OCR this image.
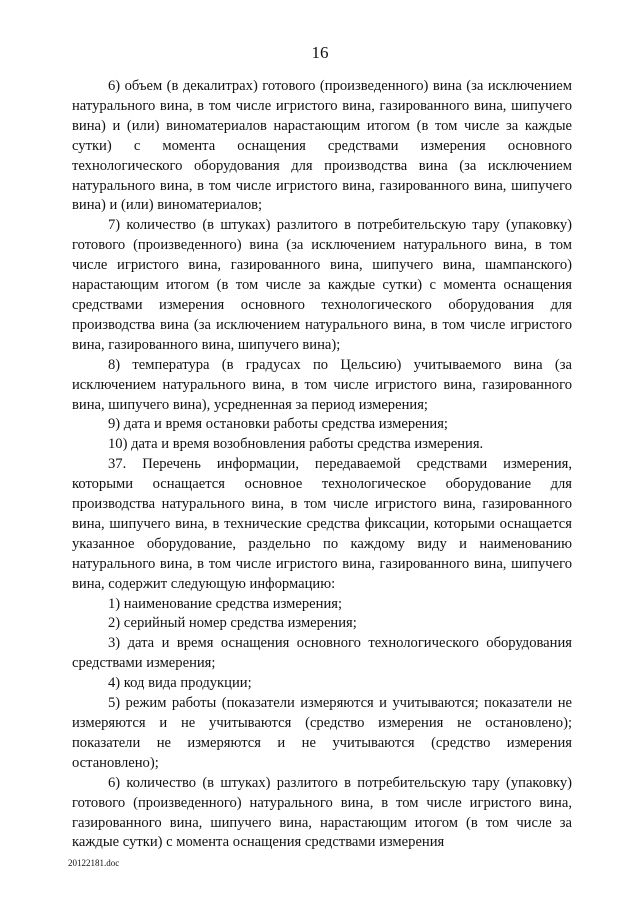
16

6) объем (в декалитрах) готового (произведенного) вина (за исключением натурального вина, в том числе игристого вина, газированного вина, шипучего вина) и (или) виноматериалов нарастающим итогом (в том числе за каждые сутки) с момента оснащения средствами измерения основного технологического оборудования для производства вина (за исключением натурального вина, в том числе игристого вина, газированного вина, шипучего вина) и (или) виноматериалов;

7) количество (в штуках) разлитого в потребительскую тару (упаковку) готового (произведенного) вина (за исключением натурального вина, в том числе игристого вина, газированного вина, шипучего вина, шампанского) нарастающим итогом (в том числе за каждые сутки) с момента оснащения средствами измерения основного технологического оборудования для производства вина (за исключением натурального вина, в том числе игристого вина, газированного вина, шипучего вина);

8) температура (в градусах по Цельсию) учитываемого вина (за исключением натурального вина, в том числе игристого вина, газированного вина, шипучего вина), усредненная за период измерения;

9) дата и время остановки работы средства измерения;

10) дата и время возобновления работы средства измерения.

37. Перечень информации, передаваемой средствами измерения, которыми оснащается основное технологическое оборудование для производства натурального вина, в том числе игристого вина, газированного вина, шипучего вина, в технические средства фиксации, которыми оснащается указанное оборудование, раздельно по каждому виду и наименованию натурального вина, в том числе игристого вина, газированного вина, шипучего вина, содержит следующую информацию:

1) наименование средства измерения;

2) серийный номер средства измерения;

3) дата и время оснащения основного технологического оборудования средствами измерения;

4) код вида продукции;

5) режим работы (показатели измеряются и учитываются; показатели не измеряются и не учитываются (средство измерения не остановлено); показатели не измеряются и не учитываются (средство измерения остановлено);

6) количество (в штуках) разлитого в потребительскую тару (упаковку) готового (произведенного) натурального вина, в том числе игристого вина, газированного вина, шипучего вина, нарастающим итогом (в том числе за каждые сутки) с момента оснащения средствами измерения

20122181.doc
